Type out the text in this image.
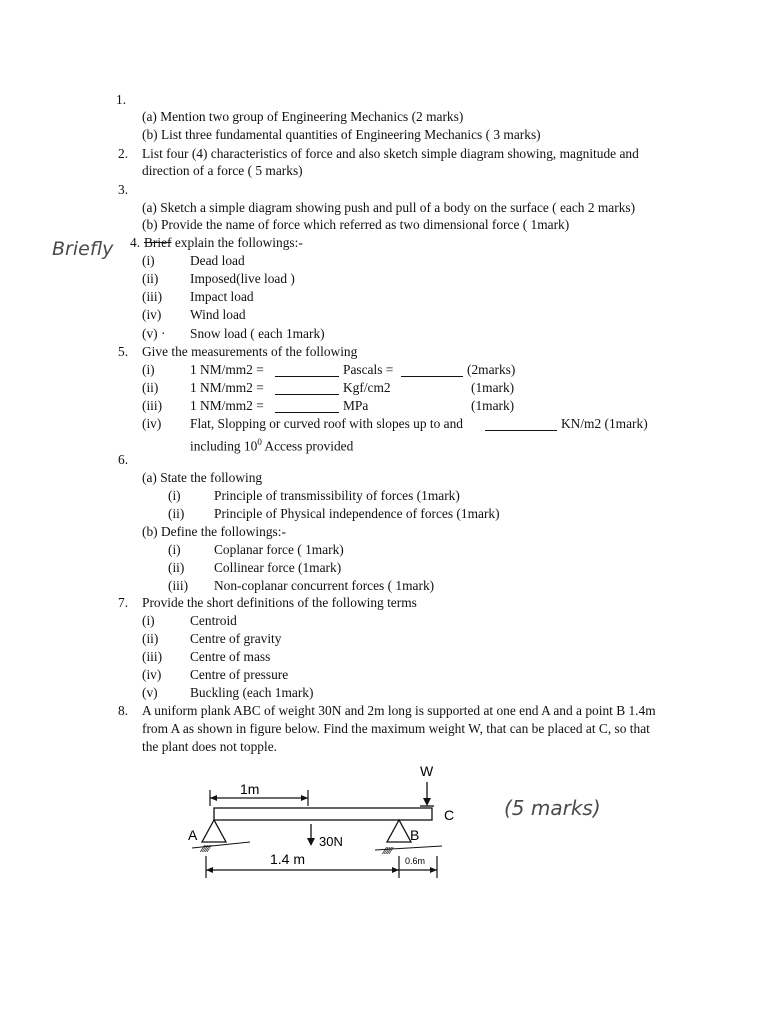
1.
(a) Mention two group of Engineering Mechanics (2 marks)
(b) List three fundamental quantities of Engineering Mechanics ( 3 marks)
2. List four (4) characteristics of force and also sketch simple diagram showing, magnitude and
direction of a force ( 5 marks)
3.
(a) Sketch a simple diagram showing push and pull of a body on the surface ( each 2 marks)
(b) Provide the name of force which referred as two dimensional force ( 1mark)
Briefly 4. Brief explain the followings:-
(i)	Dead load
(ii) Imposed(live load )
(iii) Impact load
(iv) Wind load
(v) · Snow load ( each 1mark)
5. Give the measurements of the following
(i)	1 NM/mm2 =	Pascals =	(2marks)
(ii) 1 NM/mm2 =	Kgf/cm2	(1mark)
(iii) 1 NM/mm2 =	MPa	(1mark)
(iv) Flat, Slopping or curved roof with slopes up to and	KN/m2 (1mark)
including $10^0$ Access provided
6.
(a) State the following
(i) Principle of transmissibility of forces (1mark)
(ii) Principle of Physical independence of forces (1mark)
(b) Define the followings:-
(i) Coplanar force ( 1mark)
(ii) Collinear force (1mark)
(iii) Non-coplanar concurrent forces ( 1mark)
7. Provide the short definitions of the following terms
(i)	Centroid
(ii) Centre of gravity
(iii) Centre of mass
(iv) Centre of pressure
(v) Buckling (each 1mark)
8. A uniform plank ABC of weight 30N and 2m long is supported at one end A and a point B 1.4m
from A as shown in figure below. Find the maximum weight W, that can be placed at C, so that
the plant does not topple.
W
1m
C
A
⁄⁄⁄⁄⁄
30N	B
⁄⁄⁄⁄⁄
1.4 m	0.6m
(5 marks)
